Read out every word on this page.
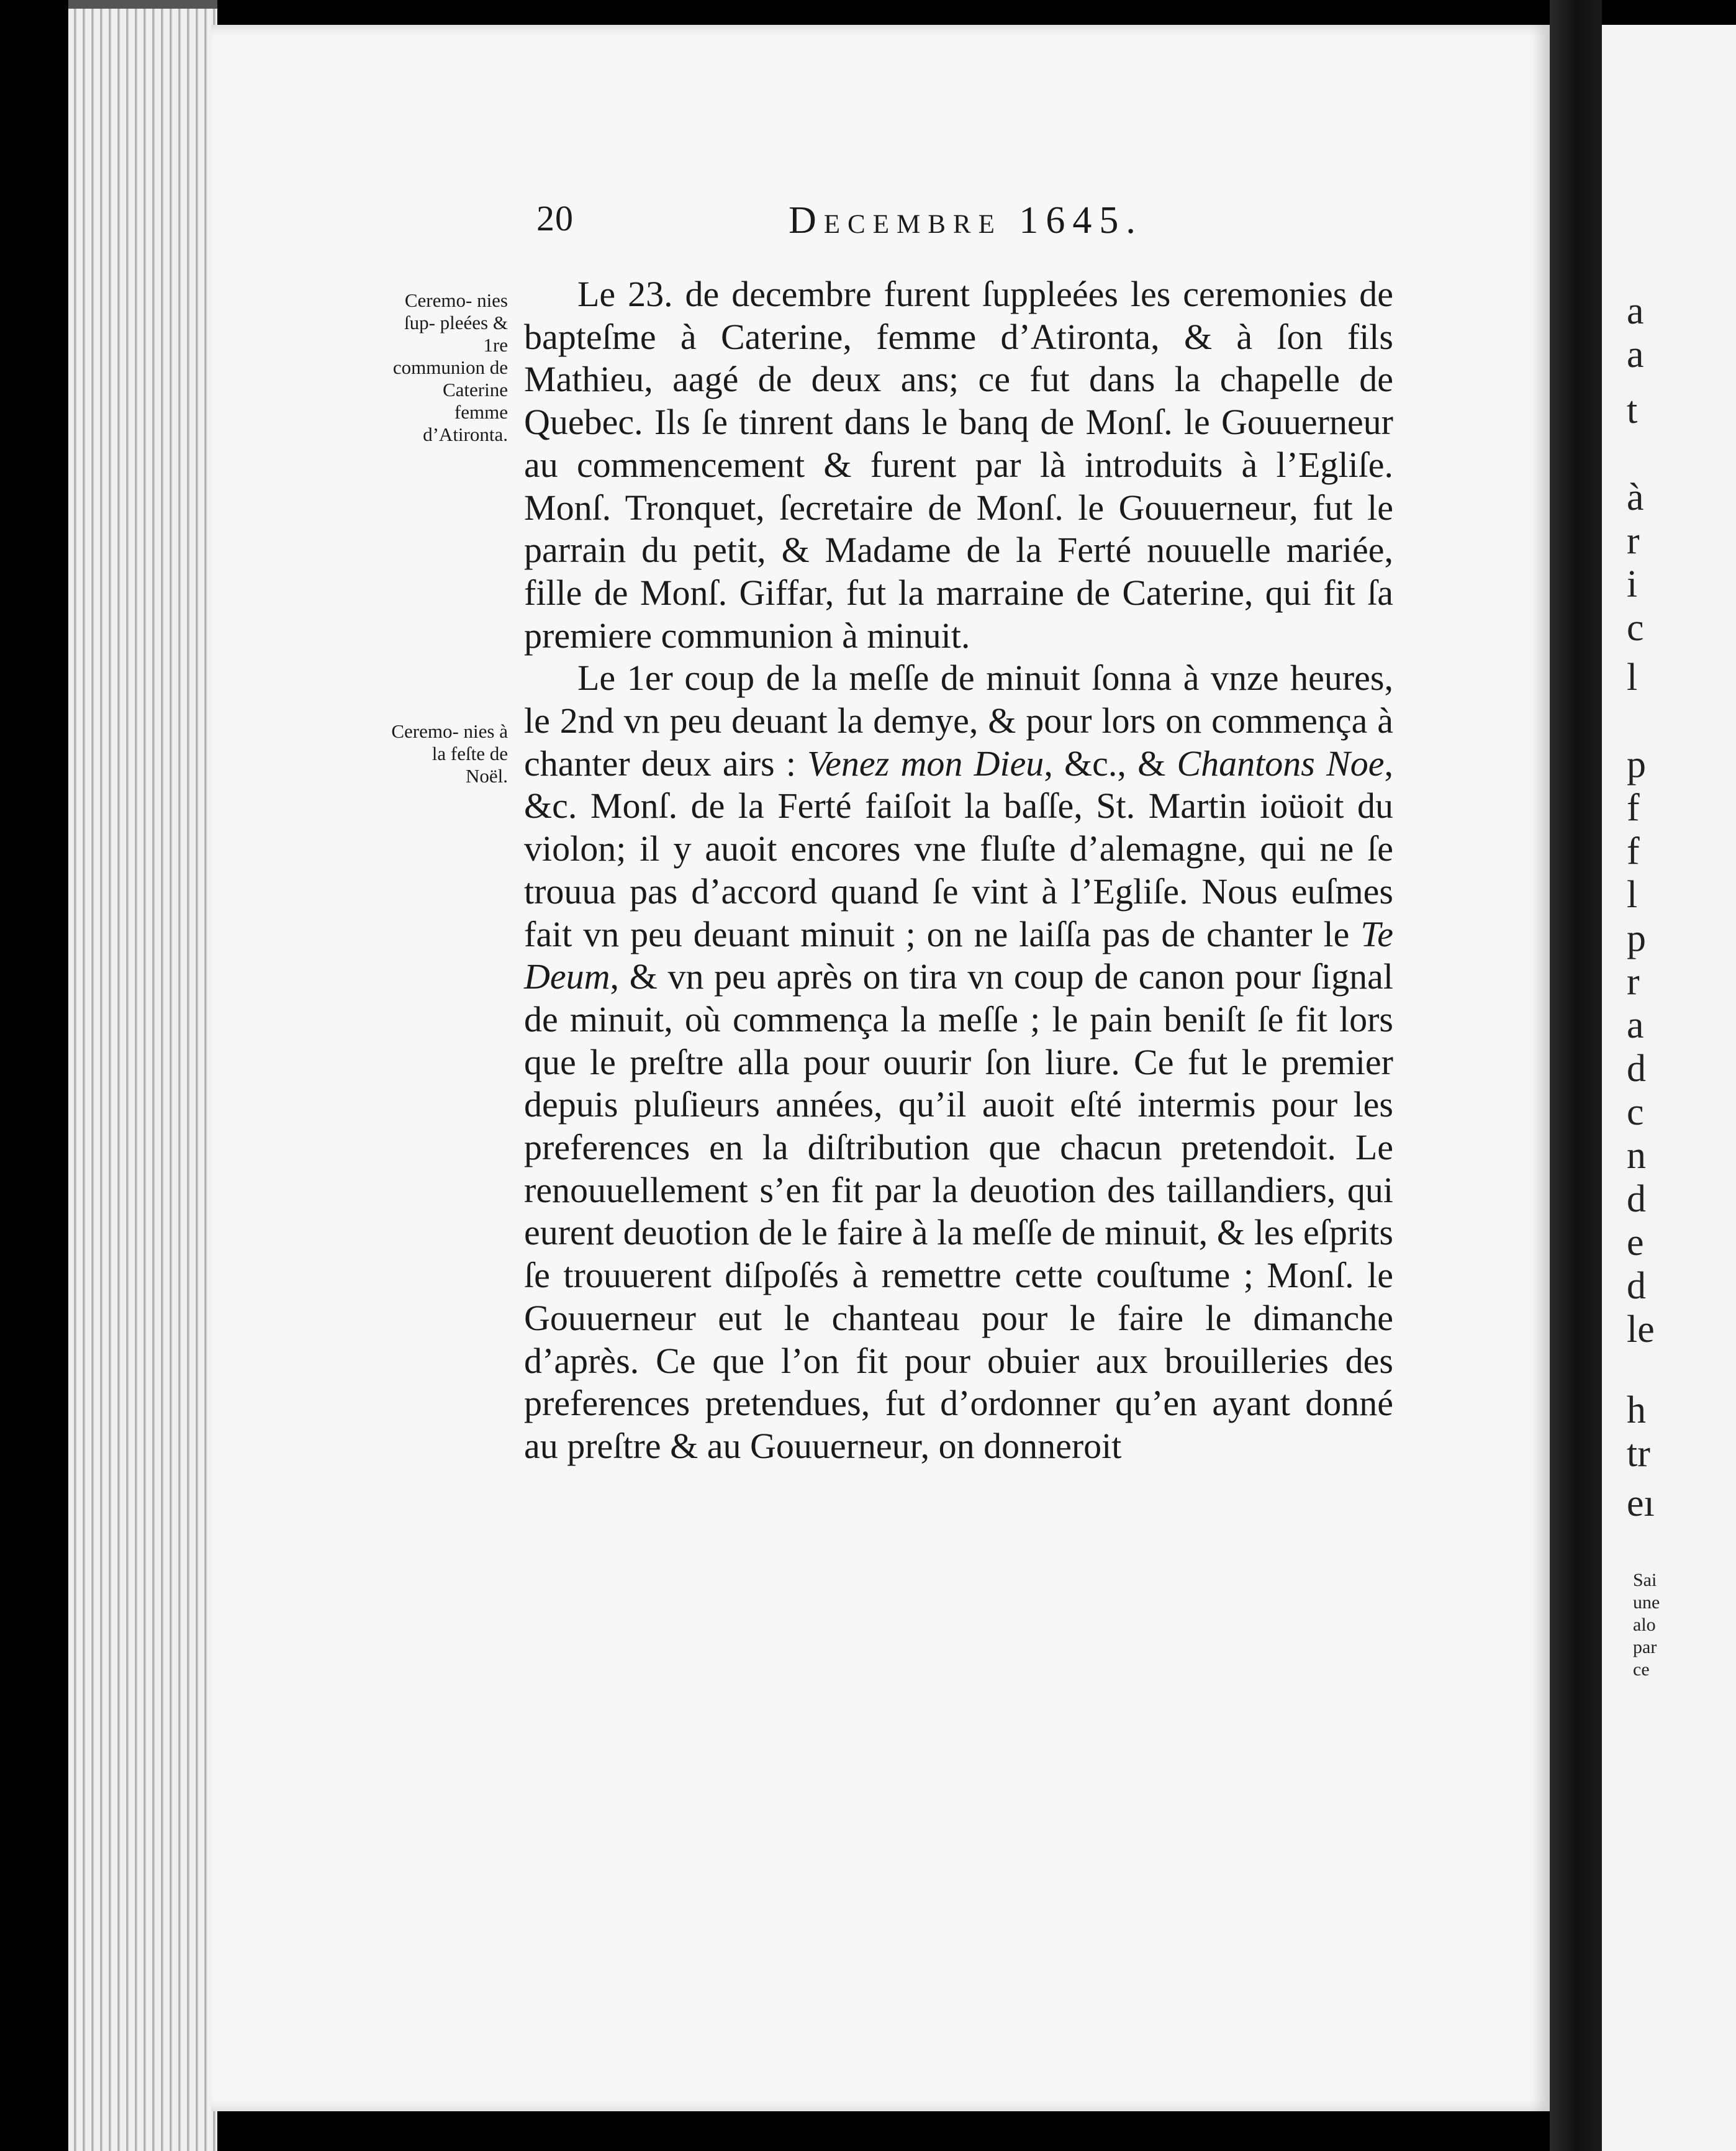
20	Decembre 1645.
Ceremo- nies ſup- pleées & 1re communion de Caterine femme d’Atironta.
Ceremo- nies à la feſte de Noël.

Le 23. de decembre furent ſuppleées les ceremonies de bapteſme à Caterine, femme d’Atironta, & à ſon fils Mathieu, aagé de deux ans; ce fut dans la chapelle de Quebec. Ils ſe tinrent dans le banq de Monſ. le Gouuerneur au commencement & furent par là introduits à l’Egliſe. Monſ. Tronquet, ſecretaire de Monſ. le Gouuerneur, fut le parrain du petit, & Madame de la Ferté nouuelle mariée, fille de Monſ. Giffar, fut la marraine de Caterine, qui fit ſa premiere communion à minuit.

Le 1er coup de la meſſe de minuit ſonna à vnze heures, le 2nd vn peu deuant la demye, & pour lors on commença à chanter deux airs : Venez mon Dieu, &c., & Chantons Noe, &c. Monſ. de la Ferté faiſoit la baſſe, St. Martin ioüoit du violon; il y auoit encores vne fluſte d’alemagne, qui ne ſe trouua pas d’accord quand ſe vint à l’Egliſe. Nous euſmes fait vn peu deuant minuit ; on ne laiſſa pas de chanter le Te Deum, & vn peu après on tira vn coup de canon pour ſignal de minuit, où commença la meſſe ; le pain beniſt ſe fit lors que le preſtre alla pour ouurir ſon liure. Ce fut le premier depuis pluſieurs années, qu’il auoit eſté intermis pour les preferences en la diſtribution que chacun pretendoit. Le renouuellement s’en fit par la deuotion des taillandiers, qui eurent deuotion de le faire à la meſſe de minuit, & les eſprits ſe trouuerent diſpoſés à remettre cette couſtume ; Monſ. le Gouuerneur eut le chanteau pour le faire le dimanche d’après. Ce que l’on fit pour obuier aux brouilleries des preferences pretendues, fut d’ordonner qu’en ayant donné au preſtre & au Gouuerneur, on donneroit

a
a
t
à
r
i
c
l
p
f
f
l
p
r
a
d
c
n
d
e
d
le
h
tr
eı
Sai
une
alo
par
ce
